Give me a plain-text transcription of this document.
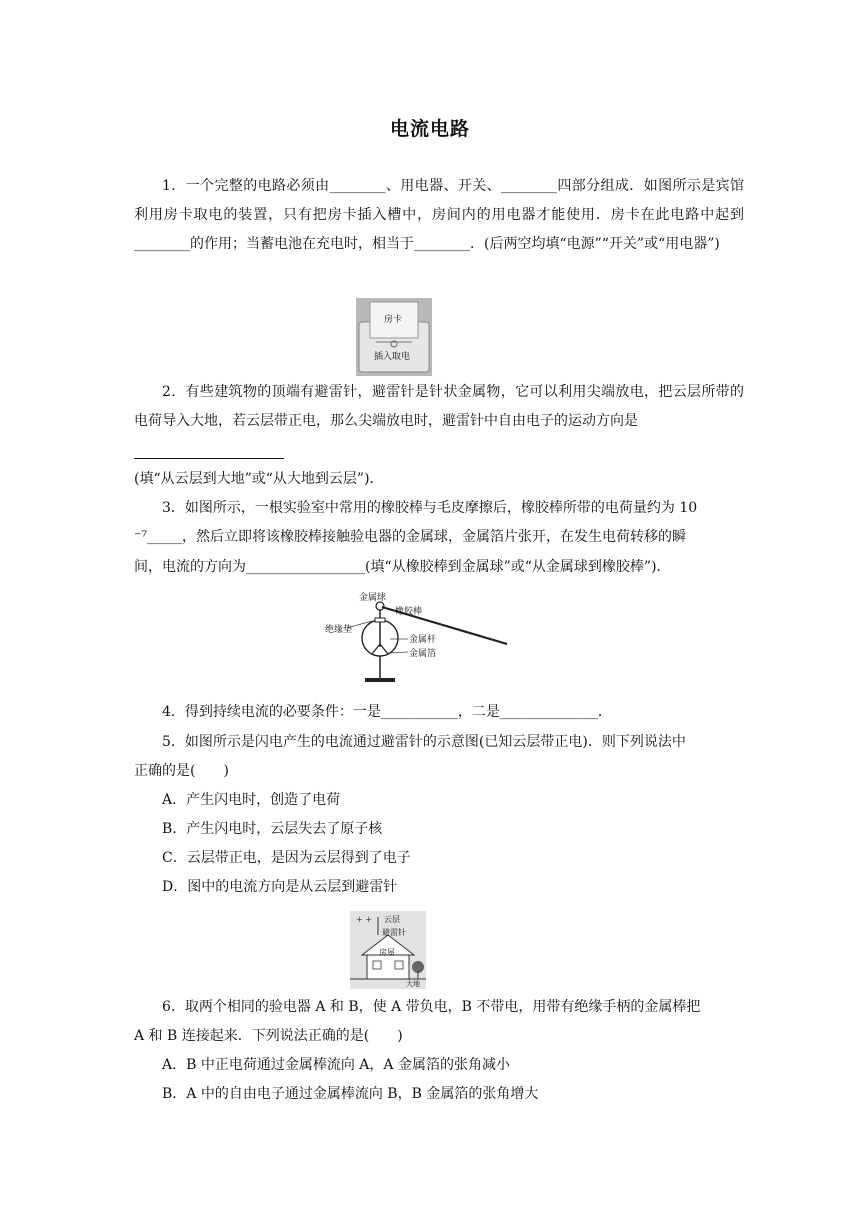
电流电路
1．一个完整的电路必须由________、用电器、开关、________四部分组成．如图所示是宾馆利用房卡取电的装置，只有把房卡插入槽中，房间内的用电器才能使用．房卡在此电路中起到________的作用；当蓄电池在充电时，相当于________．(后两空均填“电源”“开关”或“用电器”)
房卡
插入取电
2．有些建筑物的顶端有避雷针，避雷针是针状金属物，它可以利用尖端放电，把云层所带的电荷导入大地，若云层带正电，那么尖端放电时，避雷针中自由电子的运动方向是
(填“从云层到大地”或“从大地到云层”)．
3．如图所示，一根实验室中常用的橡胶棒与毛皮摩擦后，橡胶棒所带的电荷量约为 10
⁻⁷_____，然后立即将该橡胶棒接触验电器的金属球，金属箔片张开，在发生电荷转移的瞬
间，电流的方向为_________________(填“从橡胶棒到金属球”或“从金属球到橡胶棒”)．
金属球
橡胶棒
绝缘垫
金属杆
金属箔
4．得到持续电流的必要条件：一是___________，二是______________．
5．如图所示是闪电产生的电流通过避雷针的示意图(已知云层带正电)．则下列说法中
正确的是(　　)
A．产生闪电时，创造了电荷
B．产生闪电时，云层失去了原子核
C．云层带正电，是因为云层得到了电子
D．图中的电流方向是从云层到避雷针
+ + 云层
避雷针
房屋
大地
6．取两个相同的验电器 A 和 B，使 A 带负电，B 不带电，用带有绝缘手柄的金属棒把
A 和 B 连接起来．下列说法正确的是(　　)
A．B 中正电荷通过金属棒流向 A，A 金属箔的张角减小
B．A 中的自由电子通过金属棒流向 B，B 金属箔的张角增大
